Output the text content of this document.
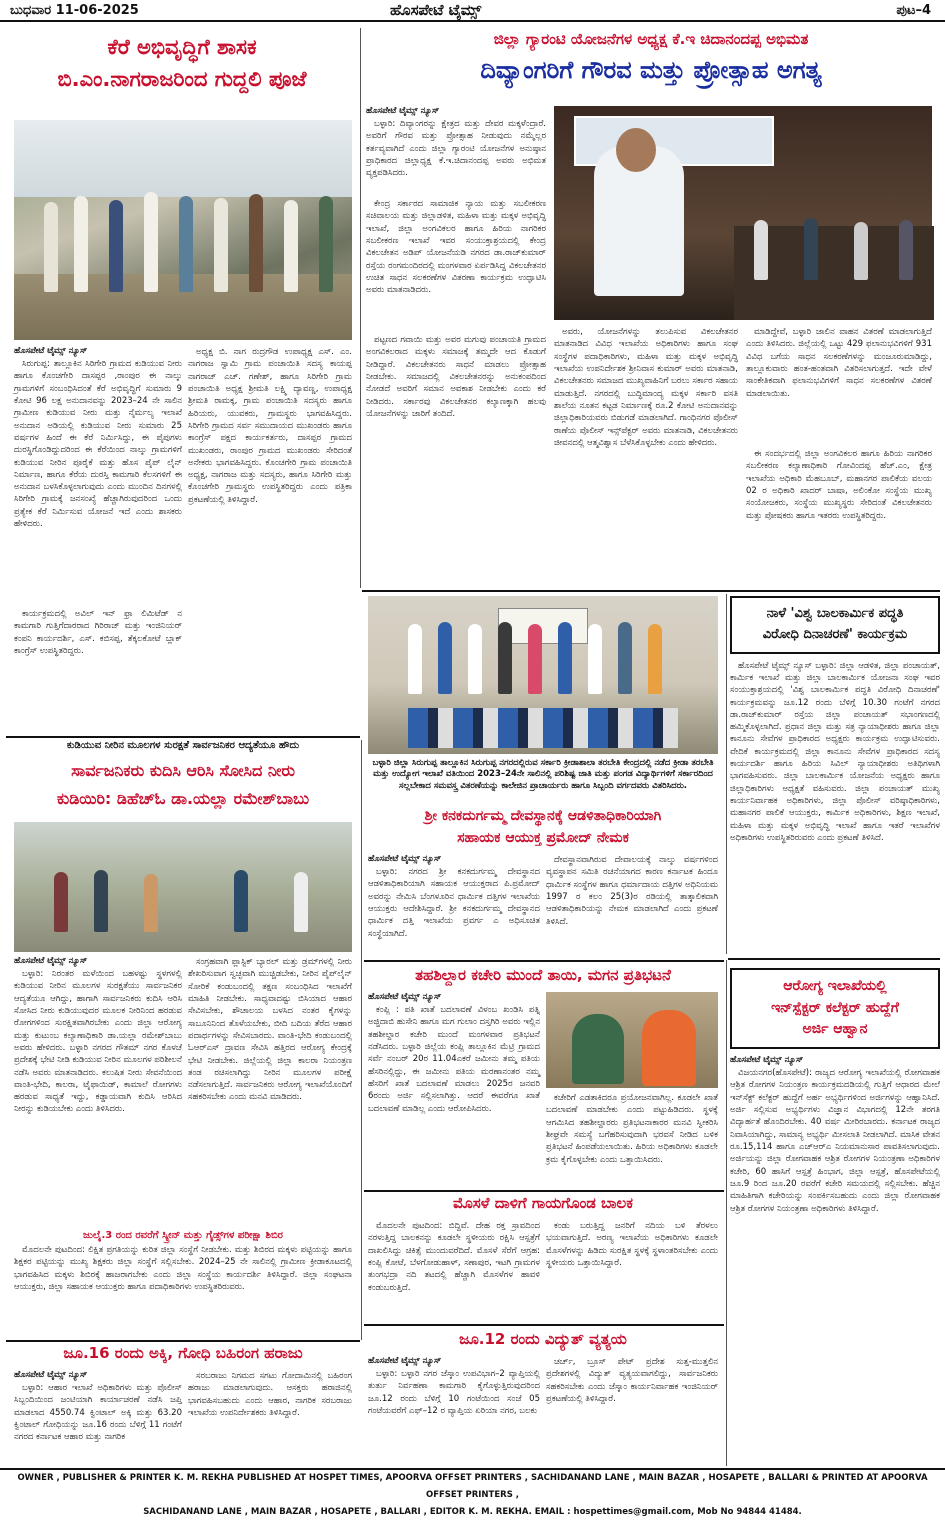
ಬುಧವಾರ 11-06-2025	ಹೊಸಪೇಟೆ ಟೈಮ್ಸ್	ಪುಟ–4
ಕೆರೆ ಅಭಿವೃದ್ಧಿಗೆ ಶಾಸಕ
ಬಿ.ಎಂ.ನಾಗರಾಜರಿಂದ ಗುದ್ದಲಿ ಪೂಜೆ
ಹೊಸಪೇಟೆ ಟೈಮ್ಸ್ ನ್ಯೂಸ್

ಸಿರುಗುಪ್ಪ: ತಾಲ್ಲೂಕಿನ ಸಿರಿಗೇರಿ ಗ್ರಾಮದ ಕುಡಿಯುವ ನೀರು ಹಾಗೂ ಕೊಂಚಗೇರಿ ದಾಸಪ್ಪರ ,ರಾಂಪುರ ಈ ನಾಲ್ಕು ಗ್ರಾಮಗಳಿಗೆ ಸಂಬಂಧಿಸಿದಂತೆ ಕೆರೆ ಅಭಿವೃದ್ಧಿಗೆ ಸುಮಾರು 9 ಕೋಟಿ 96 ಲಕ್ಷ ಅನುದಾನವನ್ನು 2023–24 ನೇ ಸಾಲಿನ ಗ್ರಾಮೀಣ ಕುಡಿಯುವ ನೀರು ಮತ್ತು ನೈರ್ಮಲ್ಯ ಇಲಾಖೆ ಅನುದಾನ ಅಡಿಯಲ್ಲಿ ಕುಡಿಯುವ ನೀರು ಸುಮಾರು 25 ವರ್ಷಗಳ ಹಿಂದೆ ಈ ಕೆರೆ ನಿರ್ಮಿಸಿದ್ದು, ಈ ಪೈಪುಗಳು ದುರಸ್ಥಿಗೊಂಡಿದ್ದುದರಿಂದ ಈ ಕೆರೆಯಿಂದ ನಾಲ್ಕು ಗ್ರಾಮಗಳಿಗೆ ಕುಡಿಯುವ ನೀರಿನ ಪೂರೈಕೆ ಮತ್ತು ಹೊಸ ಪೈಪ್ ಲೈನ್ ನಿರ್ಮಾಣ, ಹಾಗೂ ಕೆರೆಯ ದುರಸ್ತಿ ಕಾಮಗಾರಿ ಕೆಲಸಗಳಿಗೆ ಈ ಅನುದಾನ ಬಳಸಿಕೊಳ್ಳಲಾಗುವುದು ಎಂದು ಮುಂದಿನ ದಿನಗಳಲ್ಲಿ ಸಿರಿಗೇರಿ ಗ್ರಾಮಕ್ಕೆ ಜನಸಂಖ್ಯೆ ಹೆಚ್ಚಾಗಿರುವುದರಿಂದ ಒಂದು ಪ್ರತ್ಯೇಕ ಕೆರೆ ನಿರ್ಮಿಸುವ ಯೋಜನೆ ಇದೆ ಎಂದು ಶಾಸಕರು ಹೇಳಿದರು.

ಕಾರ್ಯಕ್ರಮದಲ್ಲಿ ಅವಿಲ್ ಇನ್ ಫ್ರಾ ಲಿಮಿಟೆಡ್ ನ ಕಾಮಗಾರಿ ಗುತ್ತಿಗೆದಾರರಾದ ಗಿರಿರಾಜ್ ಮತ್ತು ಇಂಜಿನಿಯರ್ ಕಂಪನಿ ಕಾರ್ಯದರ್ಶಿ, ಎಸ್. ಕಬಿಸಪ್ಪ, ತೆಕ್ಕಲಕೋಟೆ ಬ್ಲಾಕ್ ಕಾಂಗ್ರೆಸ್ ಉಪಸ್ಥಿತರಿದ್ದರು.

ಅಧ್ಯಕ್ಷ ಬಿ. ನಾಗ ರುದ್ರಗೌಡ ಉಪಾಧ್ಯಕ್ಷ ಎಸ್. ಎಂ. ನಾಗರಾಜ ಸ್ವಾಮಿ ಗ್ರಾಮ ಪಂಚಾಯಿತಿ ಸದಸ್ಯ ಕಾಯಪ್ಪ ನಾಗರಾಜ್ ಎಚ್. ಗಣೇಶ್, ಹಾಗೂ ಸಿರಿಗೇರಿ ಗ್ರಾಮ ಪಂಚಾಯಿತಿ ಅಧ್ಯಕ್ಷ ಶ್ರೀಮತಿ ಲಕ್ಷ್ಮಿ ದ್ಯಾವಣ್ಣ, ಉಪಾಧ್ಯಕ್ಷ ಶ್ರೀಮತಿ ರಾಮಕ್ಕ, ಗ್ರಾಮ ಪಂಚಾಯಿತಿ ಸದಸ್ಯರು ಹಾಗೂ ಹಿರಿಯರು, ಯುವಕರು, ಗ್ರಾಮಸ್ಥರು ಭಾಗವಹಿಸಿದ್ದರು. ಸಿರಿಗೇರಿ ಗ್ರಾಮದ ಸರ್ವ ಸಮುದಾಯದ ಮುಖಂಡರು ಹಾಗೂ ಕಾಂಗ್ರೆಸ್ ಪಕ್ಷದ ಕಾರ್ಯಕರ್ತರು, ದಾಸಪ್ಪರ ಗ್ರಾಮದ ಮುಖಂಡರು, ರಾಂಪುರ ಗ್ರಾಮದ ಮುಖಂಡರು ಸೇರಿದಂತೆ ಅನೇಕರು ಭಾಗವಹಿಸಿದ್ದರು. ಕೊಂಚಗೇರಿ ಗ್ರಾಮ ಪಂಚಾಯಿತಿ ಅಧ್ಯಕ್ಷ, ನಾಗರಾಜ ಮತ್ತು ಸದಸ್ಯರು, ಹಾಗೂ ಸಿರಿಗೇರಿ ಮತ್ತು ಕೊಂಚಗೇರಿ ಗ್ರಾಮಸ್ಥರು ಉಪಸ್ಥಿತರಿದ್ದರು ಎಂದು ಪತ್ರಿಕಾ ಪ್ರಕಟಣೆಯಲ್ಲಿ ತಿಳಿಸಿದ್ದಾರೆ.

ಜಿಲ್ಲಾ ಗ್ಯಾರಂಟಿ ಯೋಜನೆಗಳ ಅಧ್ಯಕ್ಷ ಕೆ.ಇ ಚಿದಾನಂದಪ್ಪ ಅಭಿಮತ
ದಿವ್ಯಾಂಗರಿಗೆ ಗೌರವ ಮತ್ತು ಪ್ರೋತ್ಸಾಹ ಅಗತ್ಯ
ಹೊಸಪೇಟೆ ಟೈಮ್ಸ್ ನ್ಯೂಸ್

ಬಳ್ಳಾರಿ: ದಿವ್ಯಾಂಗರನ್ನು ಕ್ಷೇತ್ರದ ಮತ್ತು ದೇವರ ಮಕ್ಕಳೆಂದ್ರಾರೆ. ಅವರಿಗೆ ಗೌರವ ಮತ್ತು ಪ್ರೋತ್ಸಾಹ ನೀಡುವುದು ನಮ್ಮೆಲ್ಲರ ಕರ್ತವ್ಯವಾಗಿದೆ ಎಂದು ಜಿಲ್ಲಾ ಗ್ಯಾರಂಟಿ ಯೋಜನೆಗಳ ಅನುಷ್ಠಾನ ಪ್ರಾಧಿಕಾರದ ಜಿಲ್ಲಾಧ್ಯಕ್ಷ ಕೆ.ಇ.ಚಿದಾನಂದಪ್ಪ ಅವರು ಅಭಿಮತ ವ್ಯಕ್ತಪಡಿಸಿದರು.

ಕೇಂದ್ರ ಸರ್ಕಾರದ ಸಾಮಾಜಿಕ ನ್ಯಾಯ ಮತ್ತು ಸಬಲೀಕರಣ ಸಚಿವಾಲಯ ಮತ್ತು ಜಿಲ್ಲಾಡಳಿತ, ಮಹಿಳಾ ಮತ್ತು ಮಕ್ಕಳ ಅಭಿವೃದ್ಧಿ ಇಲಾಖೆ, ಜಿಲ್ಲಾ ಅಂಗವಿಕಲರ ಹಾಗೂ ಹಿರಿಯ ನಾಗರಿಕರ ಸಬಲೀಕರಣ ಇಲಾಖೆ ಇವರ ಸಂಯುಕ್ತಾಶ್ರಯದಲ್ಲಿ ಕೇಂದ್ರ ವಿಕಲಚೇತನ ಅಡಿಪ್ ಯೋಜನೆಯಡಿ ನಗರದ ಡಾ.ರಾಜ್‌ಕುಮಾರ್ ರಸ್ತೆಯ ರಂಗಮಂದಿರದಲ್ಲಿ ಮಂಗಳವಾರ ಏರ್ಪಡಿಸಿದ್ದ ವಿಕಲಚೇತನರ ಉಚಿತ ಸಾಧನ ಸಲಕರಣೆಗಳ ವಿತರಣಾ ಕಾರ್ಯಕ್ರಮ ಉದ್ಘಾಟಿಸಿ ಅವರು ಮಾತನಾಡಿದರು.

ಪಟ್ಟಣದ ಗವಾಯಿ ಮತ್ತು ಅವರ ಮಗುವು ಪಂಚಾಯತಿ ಗ್ರಾಮದ ಅಂಗವಿಕಲರಾದ ಮಕ್ಕಳು ಸಮಾಜಕ್ಕೆ ತಮ್ಮದೇ ಆದ ಕೊಡುಗೆ ನೀಡಿದ್ದಾರೆ. ವಿಕಲಚೇತನರು ಸಾಧನೆ ಮಾಡಲು ಪ್ರೋತ್ಸಾಹ ನೀಡಬೇಕು. ಸಮಾಜದಲ್ಲಿ ವಿಕಲಚೇತನರನ್ನು ಅನುಕಂಪದಿಂದ ನೋಡದೆ ಅವರಿಗೆ ಸಮಾನ ಅವಕಾಶ ನೀಡಬೇಕು ಎಂದು ಕರೆ ನೀಡಿದರು. ಸರ್ಕಾರವು ವಿಕಲಚೇತನರ ಕಲ್ಯಾಣಕ್ಕಾಗಿ ಹಲವು ಯೋಜನೆಗಳನ್ನು ಜಾರಿಗೆ ತಂದಿದೆ.

ಅವರು, ಯೋಜನೆಗಳನ್ನು ತಲುಪಿಸುವ ವಿಕಲಚೇತನರ ಮಾತನಾಡಿದ ವಿವಿಧ ಇಲಾಖೆಯ ಅಧಿಕಾರಿಗಳು ಹಾಗೂ ಸಂಘ ಸಂಸ್ಥೆಗಳ ಪದಾಧಿಕಾರಿಗಳು, ಮಹಿಳಾ ಮತ್ತು ಮಕ್ಕಳ ಅಭಿವೃದ್ಧಿ ಇಲಾಖೆಯ ಉಪನಿರ್ದೇಶಕ ಶ್ರೀನಿವಾಸ ಕುಮಾರ್ ಅವರು ಮಾತನಾಡಿ, ವಿಕಲಚೇತನರು ಸಮಾಜದ ಮುಖ್ಯವಾಹಿನಿಗೆ ಬರಲು ಸರ್ಕಾರ ಸಹಾಯ ಮಾಡುತ್ತಿದೆ. ನಗರದಲ್ಲಿ ಬುದ್ಧಿಮಾಂದ್ಯ ಮಕ್ಕಳ ಸರ್ಕಾರಿ ವಸತಿ ಶಾಲೆಯ ನೂತನ ಕಟ್ಟಡ ನಿರ್ಮಾಣಕ್ಕೆ ರೂ.2 ಕೋಟಿ ಅನುದಾನವನ್ನು ಜಿಲ್ಲಾಧಿಕಾರಿಯವರು ಬಿಡುಗಡೆ ಮಾಡಲಾಗಿದೆ. ಗಾಂಧಿನಗರ ಪೊಲೀಸ್ ಠಾಣೆಯ ಪೊಲೀಸ್ ಇನ್ಸ್‌ಪೆಕ್ಟರ್ ಅವರು ಮಾತನಾಡಿ, ವಿಕಲಚೇತನರು ಜೀವನದಲ್ಲಿ ಆತ್ಮವಿಶ್ವಾಸ ಬೆಳೆಸಿಕೊಳ್ಳಬೇಕು ಎಂದು ಹೇಳಿದರು.

ಮಾಡಿದ್ದೇವೆ, ಬಳ್ಳಾರಿ ಜಾಲಿನ ವಾಹನ ವಿತರಣೆ ಮಾಡಲಾಗುತ್ತಿದೆ ಎಂದು ತಿಳಿಸಿದರು. ಜಿಲ್ಲೆಯಲ್ಲಿ ಒಟ್ಟು 429 ಫಲಾನುಭವಿಗಳಿಗೆ 931 ವಿವಿಧ ಬಗೆಯ ಸಾಧನ ಸಲಕರಣೆಗಳನ್ನು ಮಂಜೂರುಮಾಡಿದ್ದು, ತಾಲ್ಲೂಕುವಾರು ಹಂತ-ಹಂತವಾಗಿ ವಿತರಿಸಲಾಗುತ್ತದೆ. ಇದೇ ವೇಳೆ ಸಾಂಕೇತಿಕವಾಗಿ ಫಲಾನುಭವಿಗಳಿಗೆ ಸಾಧನ ಸಲಕರಣೆಗಳ ವಿತರಣೆ ಮಾಡಲಾಯಿತು.

ಈ ಸಂದರ್ಭದಲ್ಲಿ ಜಿಲ್ಲಾ ಅಂಗವಿಕಲರ ಹಾಗೂ ಹಿರಿಯ ನಾಗರಿಕರ ಸಬಲೀಕರಣ ಕಲ್ಯಾಣಾಧಿಕಾರಿ ಗೋವಿಂದಪ್ಪ ಹೆಚ್.ಎಂ, ಕ್ಷೇತ್ರ ಇಲಾಖೆಯ ಅಧಿಕಾರಿ ಮೆಹಬೂಬ್, ಮಹಾನಗರ ಪಾಲಿಕೆಯ ವಲಯ 02 ರ ಅಧಿಕಾರಿ ಖಾದರ್ ಬಾಷಾ, ಅಲಿಂಕೋ ಸಂಸ್ಥೆಯ ಮುಖ್ಯ ಸಂಯೋಜಕರು, ಸಂಸ್ಥೆಯ ಮುಖ್ಯಸ್ಥರು ಸೇರಿದಂತೆ ವಿಕಲಚೇತನರು ಮತ್ತು ಪೋಷಕರು ಹಾಗೂ ಇತರರು ಉಪಸ್ಥಿತರಿದ್ದರು.

ಬಳ್ಳಾರಿ ಜಿಲ್ಲಾ ಸಿರುಗುಪ್ಪ ತಾಲ್ಲೂಕಿನ ಸಿರುಗುಪ್ಪ ನಗರದಲ್ಲಿರುವ ಸರ್ಕಾರಿ ಕ್ರೀಡಾಶಾಲಾ ತರಬೇತಿ ಕೇಂದ್ರದಲ್ಲಿ ನಡೆದ ಕ್ರೀಡಾ ತರಬೇತಿ ಮತ್ತು ಉದ್ಯೋಗ ಇಲಾಖೆ ವತಿಯಿಂದ 2023–24ನೇ ಸಾಲಿನಲ್ಲಿ ಪರಿಶಿಷ್ಟ ಜಾತಿ ಮತ್ತು ಪಂಗಡ ವಿದ್ಯಾರ್ಥಿಗಳಿಗೆ ಸರ್ಕಾರದಿಂದ ಸಲ್ಲಬೇಕಾದ ಸಮವಸ್ತ್ರ ವಿತರಣೆಯನ್ನು ಕಾಲೇಜಿನ ಪ್ರಾಚಾರ್ಯರು ಹಾಗೂ ಸಿಬ್ಬಂದಿ ವರ್ಗದವರು ವಿತರಿಸಿದರು.
ನಾಳೆ 'ವಿಶ್ವ ಬಾಲಕಾರ್ಮಿಕ ಪದ್ಧತಿ
ವಿರೋಧಿ ದಿನಾಚರಣೆ' ಕಾರ್ಯಕ್ರಮ

ಹೊಸಪೇಟೆ ಟೈಮ್ಸ್ ನ್ಯೂಸ್ ಬಳ್ಳಾರಿ: ಜಿಲ್ಲಾ ಆಡಳಿತ, ಜಿಲ್ಲಾ ಪಂಚಾಯತ್, ಕಾರ್ಮಿಕ ಇಲಾಖೆ ಮತ್ತು ಜಿಲ್ಲಾ ಬಾಲಕಾರ್ಮಿಕ ಯೋಜನಾ ಸಂಘ ಇವರ ಸಂಯುಕ್ತಾಶ್ರಯದಲ್ಲಿ 'ವಿಶ್ವ ಬಾಲಕಾರ್ಮಿಕ ಪದ್ಧತಿ ವಿರೋಧಿ ದಿನಾಚರಣೆ' ಕಾರ್ಯಕ್ರಮವನ್ನು ಜೂ.12 ರಂದು ಬೆಳಿಗ್ಗೆ 10.30 ಗಂಟೆಗೆ ನಗರದ ಡಾ.ರಾಜ್‌ಕುಮಾರ್ ರಸ್ತೆಯ ಜಿಲ್ಲಾ ಪಂಚಾಯತ್ ಸಭಾಂಗಣದಲ್ಲಿ ಹಮ್ಮಿಕೊಳ್ಳಲಾಗಿದೆ. ಪ್ರಧಾನ ಜಿಲ್ಲಾ ಮತ್ತು ಸತ್ರ ನ್ಯಾಯಾಧೀಶರು ಹಾಗೂ ಜಿಲ್ಲಾ ಕಾನೂನು ಸೇವೆಗಳ ಪ್ರಾಧಿಕಾರದ ಅಧ್ಯಕ್ಷರು ಕಾರ್ಯಕ್ರಮ ಉದ್ಘಾಟಿಸುವರು. ವೇದಿಕೆ ಕಾರ್ಯಕ್ರಮದಲ್ಲಿ ಜಿಲ್ಲಾ ಕಾನೂನು ಸೇವೆಗಳ ಪ್ರಾಧಿಕಾರದ ಸದಸ್ಯ ಕಾರ್ಯದರ್ಶಿ ಹಾಗೂ ಹಿರಿಯ ಸಿವಿಲ್ ನ್ಯಾಯಾಧೀಶರು ಅತಿಥಿಗಳಾಗಿ ಭಾಗವಹಿಸುವರು. ಜಿಲ್ಲಾ ಬಾಲಕಾರ್ಮಿಕ ಯೋಜನೆಯ ಅಧ್ಯಕ್ಷರು ಹಾಗೂ ಜಿಲ್ಲಾಧಿಕಾರಿಗಳು ಅಧ್ಯಕ್ಷತೆ ವಹಿಸುವರು. ಜಿಲ್ಲಾ ಪಂಚಾಯತ್ ಮುಖ್ಯ ಕಾರ್ಯನಿರ್ವಾಹಕ ಅಧಿಕಾರಿಗಳು, ಜಿಲ್ಲಾ ಪೊಲೀಸ್ ವರಿಷ್ಠಾಧಿಕಾರಿಗಳು, ಮಹಾನಗರ ಪಾಲಿಕೆ ಆಯುಕ್ತರು, ಕಾರ್ಮಿಕ ಅಧಿಕಾರಿಗಳು, ಶಿಕ್ಷಣ ಇಲಾಖೆ, ಮಹಿಳಾ ಮತ್ತು ಮಕ್ಕಳ ಅಭಿವೃದ್ಧಿ ಇಲಾಖೆ ಹಾಗೂ ಇತರೆ ಇಲಾಖೆಗಳ ಅಧಿಕಾರಿಗಳು ಉಪಸ್ಥಿತರಿರುವರು ಎಂದು ಪ್ರಕಟಣೆ ತಿಳಿಸಿದೆ.

ಕುಡಿಯುವ ನೀರಿನ ಮೂಲಗಳ ಸುರಕ್ಷತೆ ಸಾರ್ವಜನಿಕರ ಆದ್ಯತೆಯೂ ಹೌದು
ಸಾರ್ವಜನಿಕರು ಕುದಿಸಿ ಆರಿಸಿ ಸೋಸಿದ ನೀರು
ಕುಡಿಯಿರಿ: ಡಿಹೆಚ್‌ಓ ಡಾ.ಯಲ್ಲಾ ರಮೇಶ್‌ಬಾಬು
ಹೊಸಪೇಟೆ ಟೈಮ್ಸ್ ನ್ಯೂಸ್

ಬಳ್ಳಾರಿ: ನಿರಂತರ ಮಳೆಯಿಂದ ಬಹಳಷ್ಟು ಸ್ಥಳಗಳಲ್ಲಿ ಕುಡಿಯುವ ನೀರಿನ ಮೂಲಗಳ ಸುರಕ್ಷತೆಯು ಸಾರ್ವಜನಿಕರ ಆದ್ಯತೆಯೂ ಆಗಿದ್ದು, ಹಾಗಾಗಿ ಸಾರ್ವಜನಿಕರು ಕುದಿಸಿ ಆರಿಸಿ ಸೋಸಿದ ನೀರು ಕುಡಿಯುವುದರ ಮೂಲಕ ನೀರಿನಿಂದ ಹರಡುವ ರೋಗಗಳಿಂದ ಸುರಕ್ಷಿತವಾಗಿರಬೇಕು ಎಂದು ಜಿಲ್ಲಾ ಆರೋಗ್ಯ ಮತ್ತು ಕುಟುಂಬ ಕಲ್ಯಾಣಾಧಿಕಾರಿ ಡಾ.ಯಲ್ಲಾ ರಮೇಶ್‌ಬಾಬು ಅವರು ಹೇಳಿದರು. ಬಳ್ಳಾರಿ ನಗರದ ಗೌತಮ್ ನಗರ ಕೊಳಚೆ ಪ್ರದೇಶಕ್ಕೆ ಭೇಟಿ ನೀಡಿ ಕುಡಿಯುವ ನೀರಿನ ಮೂಲಗಳ ಪರಿಶೀಲನೆ ನಡೆಸಿ ಅವರು ಮಾತನಾಡಿದರು. ಕಲುಷಿತ ನೀರು ಸೇವನೆಯಿಂದ ವಾಂತಿ-ಭೇದಿ, ಕಾಲರಾ, ಟೈಫಾಯಿಡ್, ಕಾಮಾಲೆ ರೋಗಗಳು ಹರಡುವ ಸಾಧ್ಯತೆ ಇದ್ದು, ಕಡ್ಡಾಯವಾಗಿ ಕುದಿಸಿ ಆರಿಸಿದ ನೀರನ್ನು ಕುಡಿಯಬೇಕು ಎಂದು ತಿಳಿಸಿದರು.

ಸಂಗ್ರಹವಾಗಿ ಪ್ಲಾಸ್ಟಿಕ್ ಬ್ಯಾರಲ್ ಮತ್ತು ಡ್ರಮ್‌ಗಳಲ್ಲಿ ನೀರು ಶೇಖರಿಸುವಾಗ ಸ್ವಚ್ಛವಾಗಿ ಮುಚ್ಚಿಡಬೇಕು, ನೀರಿನ ಪೈಪ್‌ಲೈನ್ ಸೋರಿಕೆ ಕಂಡುಬಂದಲ್ಲಿ ತಕ್ಷಣ ಸಂಬಂಧಿಸಿದ ಇಲಾಖೆಗೆ ಮಾಹಿತಿ ನೀಡಬೇಕು. ಸಾಧ್ಯವಾದಷ್ಟು ಬಿಸಿಯಾದ ಆಹಾರ ಸೇವಿಸಬೇಕು, ಶೌಚಾಲಯ ಬಳಸಿದ ನಂತರ ಕೈಗಳನ್ನು ಸಾಬೂನಿನಿಂದ ತೊಳೆಯಬೇಕು, ಬೀದಿ ಬದಿಯ ತೆರೆದ ಆಹಾರ ಪದಾರ್ಥಗಳನ್ನು ಸೇವಿಸಬಾರದು. ವಾಂತಿ-ಭೇದಿ ಕಂಡುಬಂದಲ್ಲಿ ಓಆರ್‌ಎಸ್ ದ್ರಾವಣ ಸೇವಿಸಿ ಹತ್ತಿರದ ಆರೋಗ್ಯ ಕೇಂದ್ರಕ್ಕೆ ಭೇಟಿ ನೀಡಬೇಕು. ಜಿಲ್ಲೆಯಲ್ಲಿ ಜಿಲ್ಲಾ ಕಾಲರಾ ನಿಯಂತ್ರಣ ತಂಡ ರಚಿಸಲಾಗಿದ್ದು ನೀರಿನ ಮೂಲಗಳ ಪರೀಕ್ಷೆ ನಡೆಸಲಾಗುತ್ತಿದೆ. ಸಾರ್ವಜನಿಕರು ಆರೋಗ್ಯ ಇಲಾಖೆಯೊಂದಿಗೆ ಸಹಕರಿಸಬೇಕು ಎಂದು ಮನವಿ ಮಾಡಿದರು.

ಜುಲೈ.3 ರಂದ ರವರೆಗೆ ಸ್ಕ್ರೀನ್ ಮತ್ತು ಗೈಡ್ಸ್‌ಗಳ ಪರೀಕ್ಷಾ ಶಿಬಿರ

ಮೊದಲನೇ ಪುಟದಿಂದ: ಲಿಕ್ಷಿತ ಪ್ರಗತಿಯನ್ನು ಕುರಿತ ಜಿಲ್ಲಾ ಸಂಸ್ಥೆಗೆ ನೀಡಬೇಕು. ಮತ್ತು ಶಿಬಿರದ ಮಕ್ಕಳು ಪಟ್ಟಿಯನ್ನು ಹಾಗೂ ಶಿಕ್ಷಕರ ಪಟ್ಟಿಯನ್ನು ಮುಖ್ಯ ಶಿಕ್ಷಕರು ಜಿಲ್ಲಾ ಸಂಸ್ಥೆಗೆ ಸಲ್ಲಿಸಬೇಕು. 2024–25 ನೇ ಸಾಲಿನಲ್ಲಿ ಗ್ರಾಮೀಣ ಕ್ರೀಡಾಕೂಟದಲ್ಲಿ ಭಾಗವಹಿಸಿದ ಮಕ್ಕಳು ಶಿಬಿರಕ್ಕೆ ಹಾಜರಾಗಬೇಕು ಎಂದು ಜಿಲ್ಲಾ ಸಂಸ್ಥೆಯ ಕಾರ್ಯದರ್ಶಿ ತಿಳಿಸಿದ್ದಾರೆ. ಜಿಲ್ಲಾ ಸಂಘಟನಾ ಆಯುಕ್ತರು, ಜಿಲ್ಲಾ ಸಹಾಯಕ ಆಯುಕ್ತರು ಹಾಗೂ ಪದಾಧಿಕಾರಿಗಳು ಉಪಸ್ಥಿತರಿರುವರು.

ಶ್ರೀ ಕನಕದುರ್ಗಮ್ಮ ದೇವಸ್ಥಾನಕ್ಕೆ ಆಡಳಿತಾಧಿಕಾರಿಯಾಗಿ
ಸಹಾಯಕ ಆಯುಕ್ತ ಪ್ರಮೋದ್ ನೇಮಕ
ಹೊಸಪೇಟೆ ಟೈಮ್ಸ್ ನ್ಯೂಸ್

ಬಳ್ಳಾರಿ: ನಗರದ ಶ್ರೀ ಕನಕದುರ್ಗಮ್ಮ ದೇವಸ್ಥಾನದ ಆಡಳಿತಾಧಿಕಾರಿಯಾಗಿ ಸಹಾಯಕ ಆಯುಕ್ತರಾದ ಪಿ.ಪ್ರಮೋದ್ ಅವರನ್ನು ನೇಮಿಸಿ ಬೆಂಗಳೂರಿನ ಧಾರ್ಮಿಕ ದತ್ತಿಗಳ ಇಲಾಖೆಯ ಆಯುಕ್ತರು ಆದೇಶಿಸಿದ್ದಾರೆ. ಶ್ರೀ ಕನಕದುರ್ಗಮ್ಮ ದೇವಸ್ಥಾನದ ಧಾರ್ಮಿಕ ದತ್ತಿ ಇಲಾಖೆಯ ಪ್ರವರ್ಗ ಎ ಅಧಿಸೂಚಿತ ಸಂಸ್ಥೆಯಾಗಿದೆ.

ದೇವಸ್ಥಾನವಾಗಿರುವ ದೇವಾಲಯಕ್ಕೆ ನಾಲ್ಕು ವರ್ಷಗಳಿಂದ ವ್ಯವಸ್ಥಾಪನ ಸಮಿತಿ ರಚನೆಯಾಗದ ಕಾರಣ ಕರ್ನಾಟಕ ಹಿಂದೂ ಧಾರ್ಮಿಕ ಸಂಸ್ಥೆಗಳ ಹಾಗೂ ಧರ್ಮಾದಾಯ ದತ್ತಿಗಳ ಅಧಿನಿಯಮ 1997 ರ ಕಲಂ 25(3)ರ ರಡಿಯಲ್ಲಿ ತಾತ್ಕಾಲಿಕವಾಗಿ ಆಡಳಿತಾಧಿಕಾರಿಯನ್ನು ನೇಮಕ ಮಾಡಲಾಗಿದೆ ಎಂದು ಪ್ರಕಟಣೆ ತಿಳಿಸಿದೆ.

ತಹಶಿಲ್ದಾರ ಕಚೇರಿ ಮುಂದೆ ತಾಯಿ, ಮಗನ ಪ್ರತಿಭಟನೆ
ಹೊಸಪೇಟೆ ಟೈಮ್ಸ್ ನ್ಯೂಸ್

ಕಂಪ್ಲಿ : ಪತಿ ಖಾತೆ ಬದಲಾವಣೆ ವಿಳಂಬ ಖಂಡಿಸಿ ಪತ್ನಿ ಅಜ್ಜಿದಾಬಿ ಹುಸೇನಿ ಹಾಗೂ ಮಗ ಗುಲಾಂ ದಸ್ತಗಿರಿ ಅವರು ಇಲ್ಲಿನ ತಹಶೀಲ್ದಾರ ಕಚೇರಿ ಮುಂದೆ ಮಂಗಳವಾರ ಪ್ರತಿಭಟನೆ ನಡೆಸಿದರು. ಬಳ್ಳಾರಿ ಜಿಲ್ಲೆಯ ಕಂಪ್ಲಿ ತಾಲ್ಲೂಕಿನ ಮೆಟ್ರಿ ಗ್ರಾಮದ ಸರ್ವೆ ನಂಬರ್ 20ರ 11.04ಎಕರೆ ಜಮೀನು ತಮ್ಮ ಪತಿಯ ಹೆಸರಿನಲ್ಲಿದ್ದು, ಈ ಜಮೀನು ಪತಿಯ ಮರಣಾನಂತರ ನಮ್ಮ ಹೆಸರಿಗೆ ಖಾತೆ ಬದಲಾವಣೆ ಮಾಡಲು 2025ರ ಜನವರಿ 6ರಂದು ಅರ್ಜಿ ಸಲ್ಲಿಸಲಾಗಿತ್ತು. ಆದರೆ ಈವರೆಗೂ ಖಾತೆ ಬದಲಾವಣೆ ಮಾಡಿಲ್ಲ ಎಂದು ಆರೋಪಿಸಿದರು.

ಕಚೇರಿಗೆ ಎಡತಾಕಿದರೂ ಪ್ರಯೋಜನವಾಗಿಲ್ಲ. ಕೂಡಲೇ ಖಾತೆ ಬದಲಾವಣೆ ಮಾಡಬೇಕು ಎಂದು ಪಟ್ಟುಹಿಡಿದರು. ಸ್ಥಳಕ್ಕೆ ಆಗಮಿಸಿದ ತಹಶೀಲ್ದಾರರು ಪ್ರತಿಭಟನಾಕಾರರ ಮನವಿ ಸ್ವೀಕರಿಸಿ ಶೀಘ್ರವೇ ಸಮಸ್ಯೆ ಬಗೆಹರಿಸುವುದಾಗಿ ಭರವಸೆ ನೀಡಿದ ಬಳಿಕ ಪ್ರತಿಭಟನೆ ಹಿಂಪಡೆಯಲಾಯಿತು. ಹಿರಿಯ ಅಧಿಕಾರಿಗಳು ಕೂಡಲೇ ಕ್ರಮ ಕೈಗೊಳ್ಳಬೇಕು ಎಂದು ಒತ್ತಾಯಿಸಿದರು.

ಮೊಸಳೆ ದಾಳಿಗೆ ಗಾಯಗೊಂಡ ಬಾಲಕ

ಮೊದಲನೇ ಪುಟದಿಂದ: ಬಿದ್ದಿವೆ. ದೇಹ ರಕ್ತ ಸ್ರಾವದಿಂದ ನರಳುತ್ತಿದ್ದ ಬಾಲಕನನ್ನು ಕೂಡಲೇ ಸ್ಥಳೀಯರು ರಕ್ಷಿಸಿ ಆಸ್ಪತ್ರೆಗೆ ದಾಖಲಿಸಿದ್ದು ಚಿಕಿತ್ಸೆ ಮುಂದುವರೆದಿದೆ. ಮೊಸಳೆ ಸೆರೆಗೆ ಆಗ್ರಹ: ಕಂಪ್ಲಿ ಕೋಟೆ, ಬೆಳಗೋಡುಹಾಳ್, ಸಣಾಪುರ, ಇಟಗಿ ಗ್ರಾಮಗಳ ತುಂಗಭದ್ರಾ ನದಿ ತಟದಲ್ಲಿ ಹೆಚ್ಚಾಗಿ ಮೊಸಳೆಗಳ ಹಾವಳಿ ಕಂಡುಬರುತ್ತಿದೆ.

ಕಂಡು ಬರುತ್ತಿದ್ದ ಜನರಿಗೆ ನದಿಯ ಬಳಿ ತೆರಳಲು ಭಯವಾಗುತ್ತಿದೆ. ಅರಣ್ಯ ಇಲಾಖೆಯ ಅಧಿಕಾರಿಗಳು ಕೂಡಲೇ ಮೊಸಳೆಗಳನ್ನು ಹಿಡಿದು ಸುರಕ್ಷಿತ ಸ್ಥಳಕ್ಕೆ ಸ್ಥಳಾಂತರಿಸಬೇಕು ಎಂದು ಸ್ಥಳೀಯರು ಒತ್ತಾಯಿಸಿದ್ದಾರೆ.

ಆರೋಗ್ಯ ಇಲಾಖೆಯಲ್ಲಿ
ಇನ್‌ಸ್ಪೆಕ್ಟರ್ ಕಲೆಕ್ಟರ್ ಹುದ್ದೆಗೆ
ಅರ್ಜಿ ಆಹ್ವಾನ
ಹೊಸಪೇಟೆ ಟೈಮ್ಸ್ ನ್ಯೂಸ್

ವಿಜಯನಗರ(ಹೊಸಪೇಟೆ): ರಾಜ್ಯದ ಆರೋಗ್ಯ ಇಲಾಖೆಯಲ್ಲಿ ರೋಗವಾಹಕ ಆಶ್ರಿತ ರೋಗಗಳ ನಿಯಂತ್ರಣ ಕಾರ್ಯಕ್ರಮದಡಿಯಲ್ಲಿ ಗುತ್ತಿಗೆ ಆಧಾರದ ಮೇಲೆ ಇನ್‌ಸೆಕ್ಟ್ ಕಲೆಕ್ಟರ್ ಹುದ್ದೆಗೆ ಅರ್ಹ ಅಭ್ಯರ್ಥಿಗಳಿಂದ ಅರ್ಜಿಗಳನ್ನು ಆಹ್ವಾನಿಸಿದೆ. ಅರ್ಜಿ ಸಲ್ಲಿಸುವ ಅಭ್ಯರ್ಥಿಗಳು ವಿಜ್ಞಾನ ವಿಭಾಗದಲ್ಲಿ 12ನೇ ತರಗತಿ ವಿದ್ಯಾರ್ಹತೆ ಹೊಂದಿರಬೇಕು. 40 ವರ್ಷ ಮೀರಿರಬಾರದು. ಕರ್ನಾಟಕ ರಾಜ್ಯದ ನಿವಾಸಿಯಾಗಿದ್ದು, ಸಾಮಾನ್ಯ ಅಭ್ಯರ್ಥಿ ಮೀಸಲಾತಿ ನೀಡಲಾಗಿದೆ. ಮಾಸಿಕ ವೇತನ ರೂ.15,114 ಹಾಗೂ ಎಚ್‌ಆರ್‌ಎ ನಿಯಮಾನುಸಾರ ಪಾವತಿಸಲಾಗುವುದು. ಅರ್ಜಿಯನ್ನು ಜಿಲ್ಲಾ ರೋಗವಾಹಕ ಆಶ್ರಿತ ರೋಗಗಳ ನಿಯಂತ್ರಣಾ ಅಧಿಕಾರಿಗಳ ಕಚೇರಿ, 60 ಹಾಸಿಗೆ ಆಸ್ಪತ್ರೆ ಹಿಂಭಾಗ, ಜಿಲ್ಲಾ ಆಸ್ಪತ್ರೆ, ಹೊಸಪೇಟೆಯಲ್ಲಿ ಜೂ.9 ರಿಂದ ಜೂ.20 ರವರೆಗೆ ಕಚೇರಿ ಸಮಯದಲ್ಲಿ ಸಲ್ಲಿಸಬೇಕು. ಹೆಚ್ಚಿನ ಮಾಹಿತಿಗಾಗಿ ಕಚೇರಿಯನ್ನು ಸಂಪರ್ಕಿಸಬಹುದು ಎಂದು ಜಿಲ್ಲಾ ರೋಗವಾಹಕ ಆಶ್ರಿತ ರೋಗಗಳ ನಿಯಂತ್ರಣಾ ಅಧಿಕಾರಿಗಳು ತಿಳಿಸಿದ್ದಾರೆ.

ಜೂ.16 ರಂದು ಅಕ್ಕಿ, ಗೋಧಿ ಬಹಿರಂಗ ಹರಾಜು
ಹೊಸಪೇಟೆ ಟೈಮ್ಸ್ ನ್ಯೂಸ್

ಬಳ್ಳಾರಿ: ಆಹಾರ ಇಲಾಖೆ ಅಧಿಕಾರಿಗಳು ಮತ್ತು ಪೊಲೀಸ್ ಸಿಬ್ಬಂದಿಯಿಂದ ಜಂಟಿಯಾಗಿ ಕಾರ್ಯಾಚರಣೆ ನಡೆಸಿ ಜಪ್ತಿ ಮಾಡಲಾದ 4550.74 ಕ್ವಿಂಟಾಲ್ ಅಕ್ಕಿ ಮತ್ತು 63.20 ಕ್ವಿಂಟಾಲ್ ಗೋಧಿಯನ್ನು ಜೂ.16 ರಂದು ಬೆಳಿಗ್ಗೆ 11 ಗಂಟೆಗೆ ನಗರದ ಕರ್ನಾಟಕ ಆಹಾರ ಮತ್ತು ನಾಗರಿಕ

ಸರಬರಾಜು ನಿಗಮದ ಸಗಟು ಗೋದಾಮಿನಲ್ಲಿ ಬಹಿರಂಗ ಹರಾಜು ಮಾಡಲಾಗುವುದು. ಆಸಕ್ತರು ಹರಾಜಿನಲ್ಲಿ ಭಾಗವಹಿಸಬಹುದು ಎಂದು ಆಹಾರ, ನಾಗರಿಕ ಸರಬರಾಜು ಇಲಾಖೆಯ ಉಪನಿರ್ದೇಶಕರು ತಿಳಿಸಿದ್ದಾರೆ.

ಜೂ.12 ರಂದು ವಿದ್ಯುತ್ ವ್ಯತ್ಯಯ
ಹೊಸಪೇಟೆ ಟೈಮ್ಸ್ ನ್ಯೂಸ್

ಬಳ್ಳಾರಿ: ಬಳ್ಳಾರಿ ನಗರ ಜೆಸ್ಕಾಂ ಉಪವಿಭಾಗ–2 ವ್ಯಾಪ್ತಿಯಲ್ಲಿ ತುರ್ತು ನಿರ್ವಹಣಾ ಕಾಮಗಾರಿ ಕೈಗೊಳ್ಳುತ್ತಿರುವುದರಿಂದ ಜೂ.12 ರಂದು ಬೆಳಿಗ್ಗೆ 10 ಗಂಟೆಯಿಂದ ಸಂಜೆ 05 ಗಂಟೆಯವರೆಗೆ ಎಫ್–12 ರ ವ್ಯಾಪ್ತಿಯ ಏರಿಯಾ ನಗರ, ಬಲಕು

ಚರ್ಚ್, ಬ್ರೂಸ್ ಪೇಟ್ ಪ್ರದೇಶ ಸುತ್ತ-ಮುತ್ತಲಿನ ಪ್ರದೇಶಗಳಲ್ಲಿ ವಿದ್ಯುತ್ ವ್ಯತ್ಯಯವಾಗಲಿದ್ದು, ಸಾರ್ವಜನಿಕರು ಸಹಕರಿಸಬೇಕು ಎಂದು ಜೆಸ್ಕಾಂ ಕಾರ್ಯನಿರ್ವಾಹಕ ಇಂಜಿನಿಯರ್ ಪ್ರಕಟಣೆಯಲ್ಲಿ ತಿಳಿಸಿದ್ದಾರೆ.

OWNER , PUBLISHER & PRINTER K. M. REKHA PUBLISHED AT HOSPET TIMES, APOORVA OFFSET PRINTERS , SACHIDANAND LANE , MAIN BAZAR , HOSAPETE , BALLARI & PRINTED AT APOORVA OFFSET PRINTERS ,
SACHIDANAND LANE , MAIN BAZAR , HOSAPETE , BALLARI , EDITOR K. M. REKHA. EMAIL : hospettimes@gmail.com, Mob No 94844 41484.
